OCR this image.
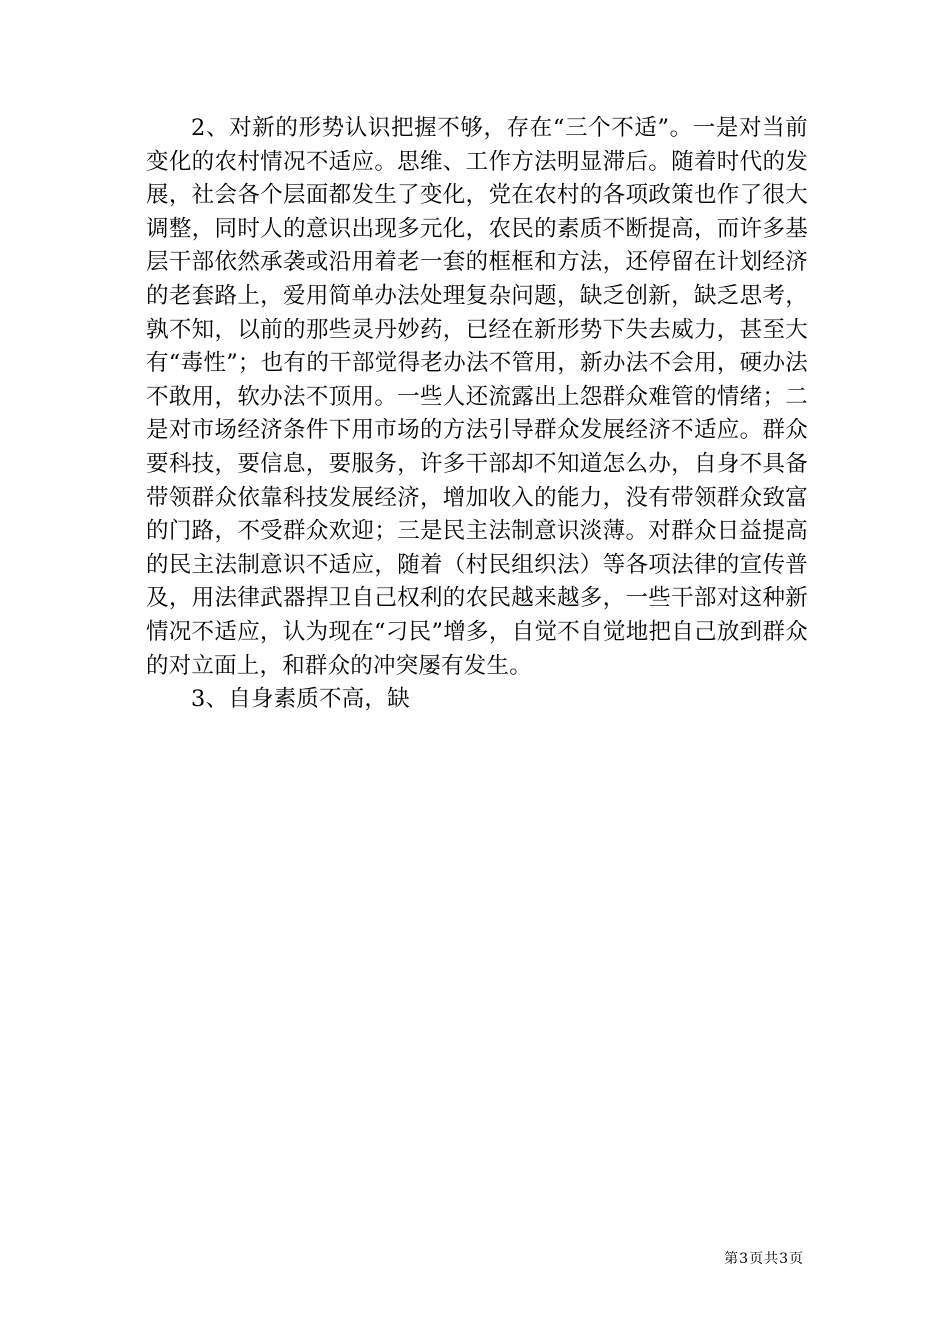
2、对新的形势认识把握不够，存在“三个不适”。一是对当前变化的农村情况不适应。思维、工作方法明显滞后。随着时代的发展，社会各个层面都发生了变化，党在农村的各项政策也作了很大调整，同时人的意识出现多元化，农民的素质不断提高，而许多基层干部依然承袭或沿用着老一套的框框和方法，还停留在计划经济的老套路上，爱用简单办法处理复杂问题，缺乏创新，缺乏思考，孰不知，以前的那些灵丹妙药，已经在新形势下失去威力，甚至大有“毒性”；也有的干部觉得老办法不管用，新办法不会用，硬办法不敢用，软办法不顶用。一些人还流露出上怨群众难管的情绪；二是对市场经济条件下用市场的方法引导群众发展经济不适应。群众要科技，要信息，要服务，许多干部却不知道怎么办，自身不具备带领群众依靠科技发展经济，增加收入的能力，没有带领群众致富的门路，不受群众欢迎；三是民主法制意识淡薄。对群众日益提高的民主法制意识不适应，随着（村民组织法）等各项法律的宣传普及，用法律武器捍卫自己权利的农民越来越多，一些干部对这种新情况不适应，认为现在“刁民”增多，自觉不自觉地把自己放到群众的对立面上，和群众的冲突屡有发生。

3、自身素质不高，缺

第3页共3页
